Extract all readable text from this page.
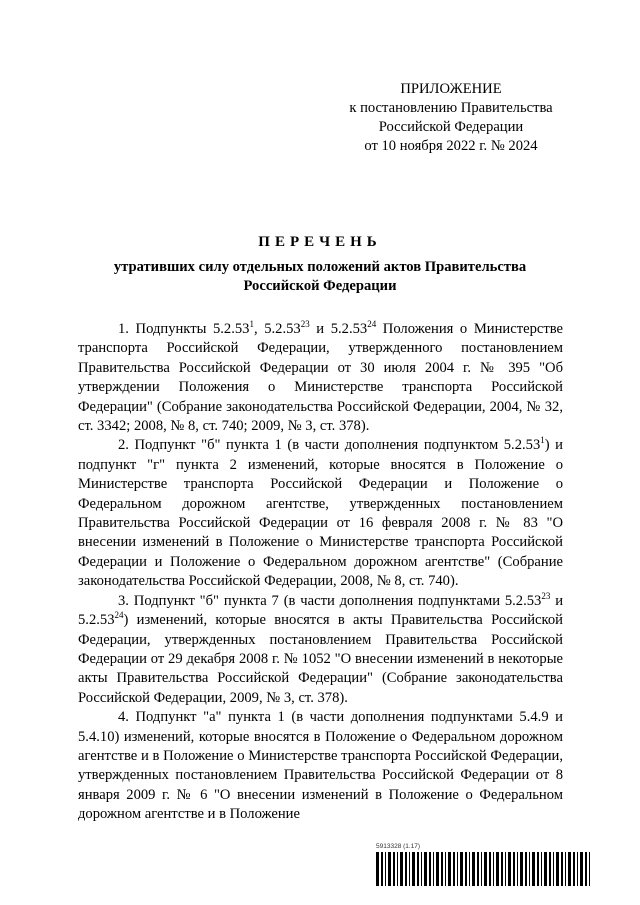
ПРИЛОЖЕНИЕ
к постановлению Правительства
Российской Федерации
от 10 ноября 2022 г. № 2024
ПЕРЕЧЕНЬ
утративших силу отдельных положений актов Правительства
Российской Федерации

1. Подпункты 5.2.53$^1$, 5.2.53$^{23}$ и 5.2.53$^{24}$ Положения о Министерстве транспорта Российской Федерации, утвержденного постановлением Правительства Российской Федерации от 30 июля 2004 г. № 395 "Об утверждении Положения о Министерстве транспорта Российской Федерации" (Собрание законодательства Российской Федерации, 2004, № 32, ст. 3342; 2008, № 8, ст. 740; 2009, № 3, ст. 378).

2. Подпункт "б" пункта 1 (в части дополнения подпунктом 5.2.53$^1$) и подпункт "г" пункта 2 изменений, которые вносятся в Положение о Министерстве транспорта Российской Федерации и Положение о Федеральном дорожном агентстве, утвержденных постановлением Правительства Российской Федерации от 16 февраля 2008 г. № 83 "О внесении изменений в Положение о Министерстве транспорта Российской Федерации и Положение о Федеральном дорожном агентстве" (Собрание законодательства Российской Федерации, 2008, № 8, ст. 740).

3. Подпункт "б" пункта 7 (в части дополнения подпунктами 5.2.53$^{23}$ и 5.2.53$^{24}$) изменений, которые вносятся в акты Правительства Российской Федерации, утвержденных постановлением Правительства Российской Федерации от 29 декабря 2008 г. № 1052 "О внесении изменений в некоторые акты Правительства Российской Федерации" (Собрание законодательства Российской Федерации, 2009, № 3, ст. 378).

4. Подпункт "а" пункта 1 (в части дополнения подпунктами 5.4.9 и 5.4.10) изменений, которые вносятся в Положение о Федеральном дорожном агентстве и в Положение о Министерстве транспорта Российской Федерации, утвержденных постановлением Правительства Российской Федерации от 8 января 2009 г. № 6 "О внесении изменений в Положение о Федеральном дорожном агентстве и в Положение

5913328 (1.17)
